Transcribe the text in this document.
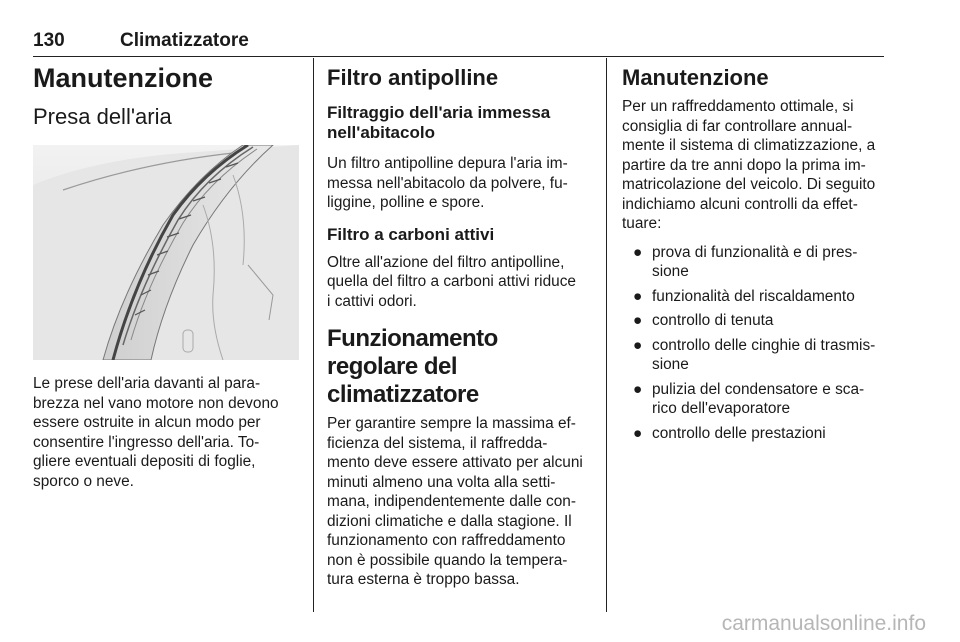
130	Climatizzatore
Manutenzione
Presa dell'aria

Le prese dell'aria davanti al para-

brezza nel vano motore non devono

essere ostruite in alcun modo per

consentire l'ingresso dell'aria. To-

gliere eventuali depositi di foglie,

sporco o neve.

Filtro antipolline
Filtraggio dell'aria immessa
nell'abitacolo

Un filtro antipolline depura l'aria im-

messa nell'abitacolo da polvere, fu-

liggine, polline e spore.

Filtro a carboni attivi

Oltre all'azione del filtro antipolline,

quella del filtro a carboni attivi riduce

i cattivi odori.

Funzionamento regolare del
climatizzatore

Per garantire sempre la massima ef-

ficienza del sistema, il raffredda-

mento deve essere attivato per alcuni

minuti almeno una volta alla setti-

mana, indipendentemente dalle con-

dizioni climatiche e dalla stagione. Il

funzionamento con raffreddamento

non è possibile quando la tempera-

tura esterna è troppo bassa.

Manutenzione

Per un raffreddamento ottimale, si

consiglia di far controllare annual-

mente il sistema di climatizzazione, a

partire da tre anni dopo la prima im-

matricolazione del veicolo. Di seguito

indichiamo alcuni controlli da effet-

tuare:

● prova di funzionalità e di pres-
sione
● funzionalità del riscaldamento
● controllo di tenuta
● controllo delle cinghie di trasmis-
sione
● pulizia del condensatore e sca-
rico dell'evaporatore
● controllo delle prestazioni
carmanualsonline.info
